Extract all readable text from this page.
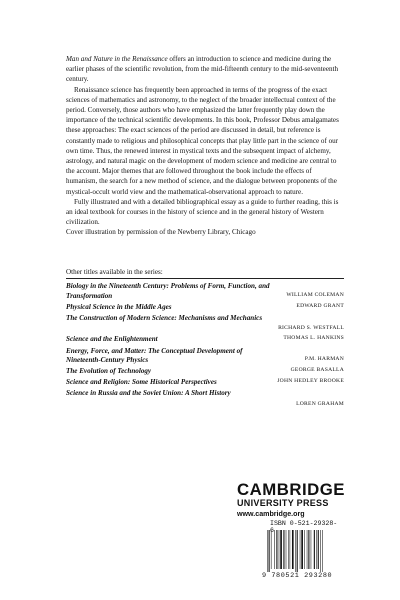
Man and Nature in the Renaissance offers an introduction to science and medicine during the earlier phases of the scientific revolution, from the mid-fifteenth century to the mid-seventeenth century.

Renaissance science has frequently been approached in terms of the progress of the exact sciences of mathematics and astronomy, to the neglect of the broader intellectual context of the period. Conversely, those authors who have emphasized the latter frequently play down the importance of the technical scientific developments. In this book, Professor Debus amalgamates these approaches: The exact sciences of the period are discussed in detail, but reference is constantly made to religious and philosophical concepts that play little part in the science of our own time. Thus, the renewed interest in mystical texts and the subsequent impact of alchemy, astrology, and natural magic on the development of modern science and medicine are central to the account. Major themes that are followed throughout the book include the effects of humanism, the search for a new method of science, and the dialogue between proponents of the mystical-occult world view and the mathematical-observational approach to nature.

Fully illustrated and with a detailed bibliographical essay as a guide to further reading, this is an ideal textbook for courses in the history of science and in the general history of Western civilization.

Cover illustration by permission of the Newberry Library, Chicago

Other titles available in the series:
Biology in the Nineteenth Century: Problems of Form, Function, and Transformation	WILLIAM COLEMAN
Physical Science in the Middle Ages	EDWARD GRANT
The Construction of Modern Science: Mechanisms and Mechanics
RICHARD S. WESTFALL
Science and the Enlightenment	THOMAS L. HANKINS
Energy, Force, and Matter: The Conceptual Development of Nineteenth-Century Physics	P.M. HARMAN
The Evolution of Technology	GEORGE BASALLA
Science and Religion: Some Historical Perspectives	JOHN HEDLEY BROOKE
Science in Russia and the Soviet Union: A Short History
LOREN GRAHAM
CAMBRIDGE
UNIVERSITY PRESS
www.cambridge.org
ISBN 0-521-29328-6
9 780521 293280
